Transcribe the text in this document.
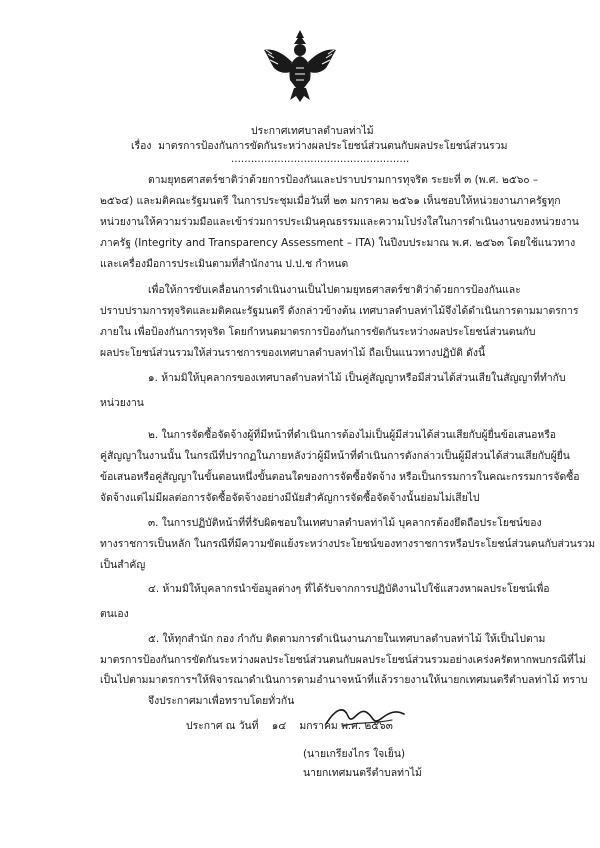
ประกาศเทศบาลตำบลท่าไม้
เรื่อง มาตรการป้องกันการขัดกันระหว่างผลประโยชน์ส่วนตนกับผลประโยชน์ส่วนรวม
......................................................
ตามยุทธศาสตร์ชาติว่าด้วยการป้องกันและปราบปรามการทุจริต ระยะที่ ๓ (พ.ศ. ๒๕๖๐ –
๒๕๖๔) และมติคณะรัฐมนตรี ในการประชุมเมื่อวันที่ ๒๓ มกราคม ๒๕๖๑ เห็นชอบให้หน่วยงานภาครัฐทุก
หน่วยงานให้ความร่วมมือและเข้าร่วมการประเมินคุณธรรมและความโปร่งใสในการดำเนินงานของหน่วยงาน
ภาครัฐ (Integrity and Transparency Assessment – ITA) ในปีงบประมาณ พ.ศ. ๒๕๖๓ โดยใช้แนวทาง
และเครื่องมือการประเมินตามที่สำนักงาน ป.ป.ช กำหนด
เพื่อให้การขับเคลื่อนการดำเนินงานเป็นไปตามยุทธศาสตร์ชาติว่าด้วยการป้องกันและ
ปราบปรามการทุจริตและมติคณะรัฐมนตรี ดังกล่าวข้างต้น เทศบาลตำบลท่าไม้จึงได้ดำเนินการตามมาตรการ
ภายใน เพื่อป้องกันการทุจริต โดยกำหนดมาตรการป้องกันการขัดกันระหว่างผลประโยชน์ส่วนตนกับ
ผลประโยชน์ส่วนรวมให้ส่วนราชการของเทศบาลตำบลท่าไม้ ถือเป็นแนวทางปฏิบัติ ดังนี้
๑. ห้ามมิให้บุคลากรของเทศบาลตำบลท่าไม้ เป็นคู่สัญญาหรือมีส่วนได้ส่วนเสียในสัญญาที่ทำกับ
หน่วยงาน
๒. ในการจัดซื้อจัดจ้างผู้ที่มีหน้าที่ดำเนินการต้องไม่เป็นผู้มีส่วนได้ส่วนเสียกับผู้ยื่นข้อเสนอหรือ
คู่สัญญาในงานนั้น ในกรณีที่ปรากฏในภายหลังว่าผู้มีหน้าที่ดำเนินการดังกล่าวเป็นผู้มีส่วนได้ส่วนเสียกับผู้ยื่น
ข้อเสนอหรือคู่สัญญาในขั้นตอนหนึ่งขั้นตอนใดของการจัดซื้อจัดจ้าง หรือเป็นกรรมการในคณะกรรมการจัดซื้อ
จัดจ้างแต่ไม่มีผลต่อการจัดซื้อจัดจ้างอย่างมีนัยสำคัญการจัดซื้อจัดจ้างนั้นย่อมไม่เสียไป
๓. ในการปฏิบัติหน้าที่ที่รับผิดชอบในเทศบาลตำบลท่าไม้ บุคลากรต้องยึดถือประโยชน์ของ
ทางราชการเป็นหลัก ในกรณีที่มีความขัดแย้งระหว่างประโยชน์ของทางราชการหรือประโยชน์ส่วนตนกับส่วนรวม
เป็นสำคัญ
๔. ห้ามมิให้บุคลากรนำข้อมูลต่างๆ ที่ได้รับจากการปฏิบัติงานไปใช้แสวงหาผลประโยชน์เพื่อ
ตนเอง
๕. ให้ทุกสำนัก กอง กำกับ ติดตามการดำเนินงานภายในเทศบาลตำบลท่าไม้ ให้เป็นไปตาม
มาตรการป้องกันการขัดกันระหว่างผลประโยชน์ส่วนตนกับผลประโยชน์ส่วนรวมอย่างเคร่งครัดหากพบกรณีที่ไม่
เป็นไปตามมาตรการฯให้พิจารณาดำเนินการตามอำนาจหน้าที่แล้วรายงานให้นายกเทศมนตรีตำบลท่าไม้ ทราบ
จึงประกาศมาเพื่อทราบโดยทั่วกัน
ประกาศ ณ วันที่ ๑๔ มกราคม พ.ศ. ๒๕๖๓
(นายเกรียงไกร ใจเย็น)
นายกเทศมนตรีตำบลท่าไม้
